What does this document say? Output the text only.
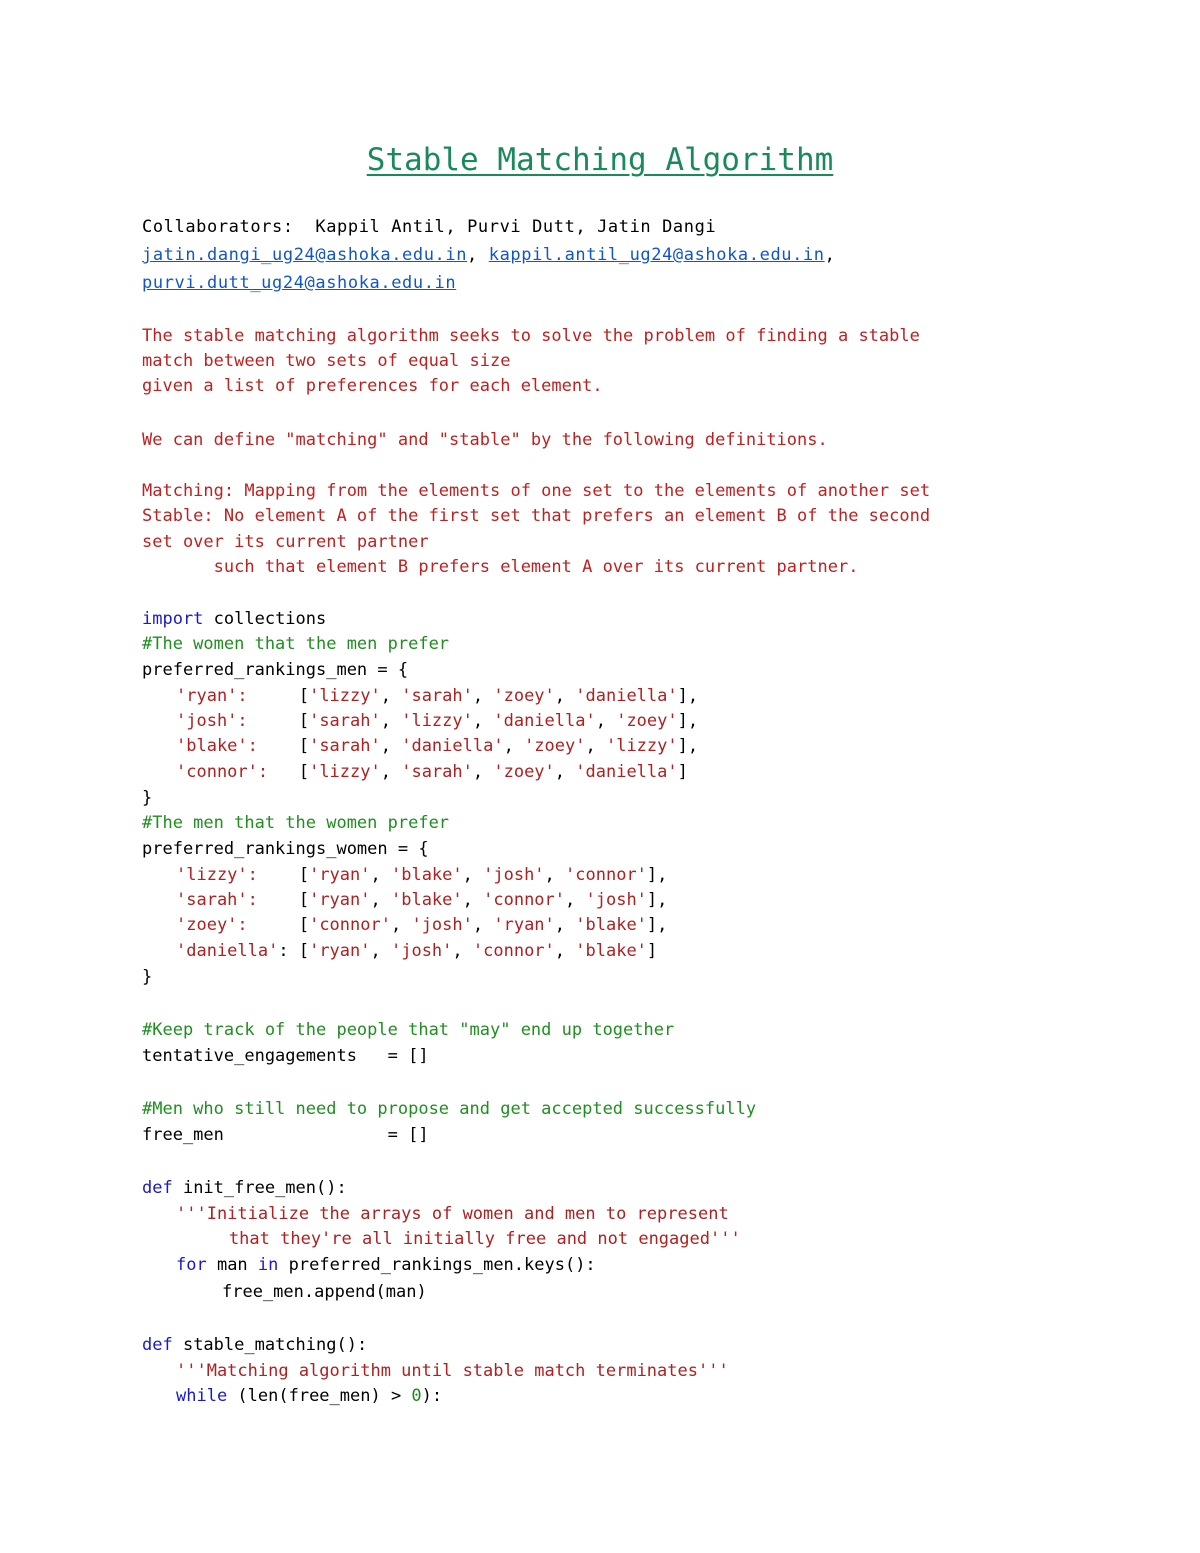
Stable Matching Algorithm
Collaborators: Kappil Antil, Purvi Dutt, Jatin Dangi
jatin.dangi_ug24@ashoka.edu.in, kappil.antil_ug24@ashoka.edu.in,
purvi.dutt_ug24@ashoka.edu.in
The stable matching algorithm seeks to solve the problem of finding a stable
match between two sets of equal size
given a list of preferences for each element.
We can define "matching" and "stable" by the following definitions.
Matching: Mapping from the elements of one set to the elements of another set
Stable: No element A of the first set that prefers an element B of the second
set over its current partner
such that element B prefers element A over its current partner.
import collections
#The women that the men prefer
preferred_rankings_men = {
'ryan':     ['lizzy', 'sarah', 'zoey', 'daniella'],
'josh':     ['sarah', 'lizzy', 'daniella', 'zoey'],
'blake':    ['sarah', 'daniella', 'zoey', 'lizzy'],
'connor':   ['lizzy', 'sarah', 'zoey', 'daniella']
}
#The men that the women prefer
preferred_rankings_women = {
'lizzy':    ['ryan', 'blake', 'josh', 'connor'],
'sarah':    ['ryan', 'blake', 'connor', 'josh'],
'zoey':     ['connor', 'josh', 'ryan', 'blake'],
'daniella': ['ryan', 'josh', 'connor', 'blake']
}
#Keep track of the people that "may" end up together
tentative_engagements   = []
#Men who still need to propose and get accepted successfully
free_men                = []
def init_free_men():
'''Initialize the arrays of women and men to represent
that they're all initially free and not engaged'''
for man in preferred_rankings_men.keys():
free_men.append(man)
def stable_matching():
'''Matching algorithm until stable match terminates'''
while (len(free_men) > 0):
